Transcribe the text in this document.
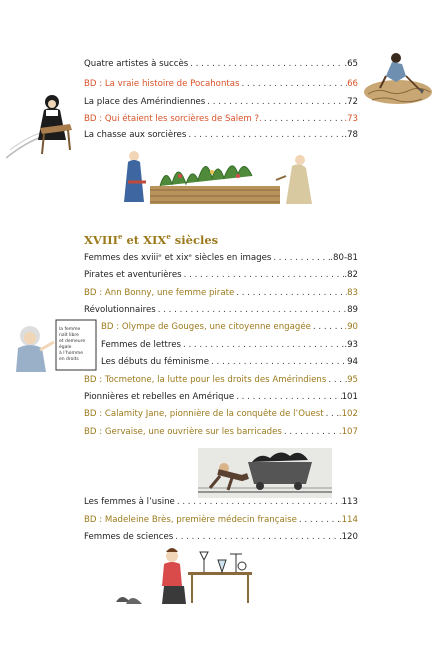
Quatre artistes à succès . . .	.65
BD : La vraie histoire de Pocahontas . . .	66
La place des Amérindiennes . . .	.72
BD : Qui étaient les sorcières de Salem ?. . . .	.73
La chasse aux sorcières . . .	.78
XVIIIe et XIXe siècles
la femme naît libre et demeure égale à l’homme en droits
Femmes des xviiiᵉ et xixᵉ siècles en images . . .	.80-81
Pirates et aventurières . . .	.82
BD : Ann Bonny, une femme pirate . . .	83
Révolutionnaires . . .	89
BD : Olympe de Gouges, une citoyenne engagée . . .	.90
Femmes de lettres . . .	.93
Les débuts du féminisme . . .	94
BD : Tocmetone, la lutte pour les droits des Amérindiens . . . 95
Pionnières et rebelles en Amérique . . .	101
BD : Calamity Jane, pionnière de la conquête de l’Ouest . . . .102
BD : Gervaise, une ouvrière sur les barricades . . .	.107
Les femmes à l’usine . . .	113
BD : Madeleine Brès, première médecin française . . .	.114
Femmes de sciences . . .	120
